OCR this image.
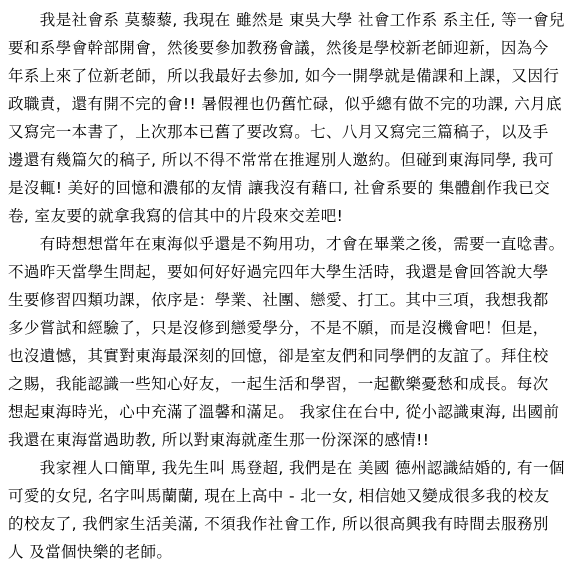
　　我是社會系 莫藜藜, 我現在 雖然是 東吳大學 社會工作系 系主任, 等一會兒
要和系學會幹部開會，然後要參加教務會議，然後是學校新老師迎新，因為今
年系上來了位新老師，所以我最好去參加, 如今一開學就是備課和上課，又因行
政職責，還有開不完的會!! 暑假裡也仍舊忙碌，似乎總有做不完的功課, 六月底
又寫完一本書了，上次那本已舊了要改寫。七、八月又寫完三篇稿子，以及手
邊還有幾篇欠的稿子, 所以不得不常常在推遲別人邀約。但碰到東海同學, 我可
是沒輒! 美好的回憶和濃郁的友情 讓我沒有藉口, 社會系要的 集體創作我已交
卷, 室友要的就拿我寫的信其中的片段來交差吧!
　　有時想想當年在東海似乎還是不夠用功，才會在畢業之後，需要一直唸書。
不過昨天當學生問起，要如何好好過完四年大學生活時，我還是會回答說大學
生要修習四類功課，依序是：學業、社團、戀愛、打工。其中三項，我想我都
多少嘗試和經驗了，只是沒修到戀愛學分，不是不願，而是沒機會吧！但是，
也沒遺憾，其實對東海最深刻的回憶，卻是室友們和同學們的友誼了。拜住校
之賜，我能認識一些知心好友，一起生活和學習，一起歡樂憂愁和成長。每次
想起東海時光，心中充滿了溫馨和滿足。 我家住在台中, 從小認識東海, 出國前
我還在東海當過助教, 所以對東海就產生那一份深深的感情!!
　　我家裡人口簡單, 我先生叫 馬登超, 我們是在 美國 德州認識結婚的, 有一個
可愛的女兒, 名字叫馬蘭蘭, 現在上高中 - 北一女, 相信她又變成很多我的校友
的校友了, 我們家生活美滿, 不須我作社會工作, 所以很高興我有時間去服務別
人 及當個快樂的老師。
